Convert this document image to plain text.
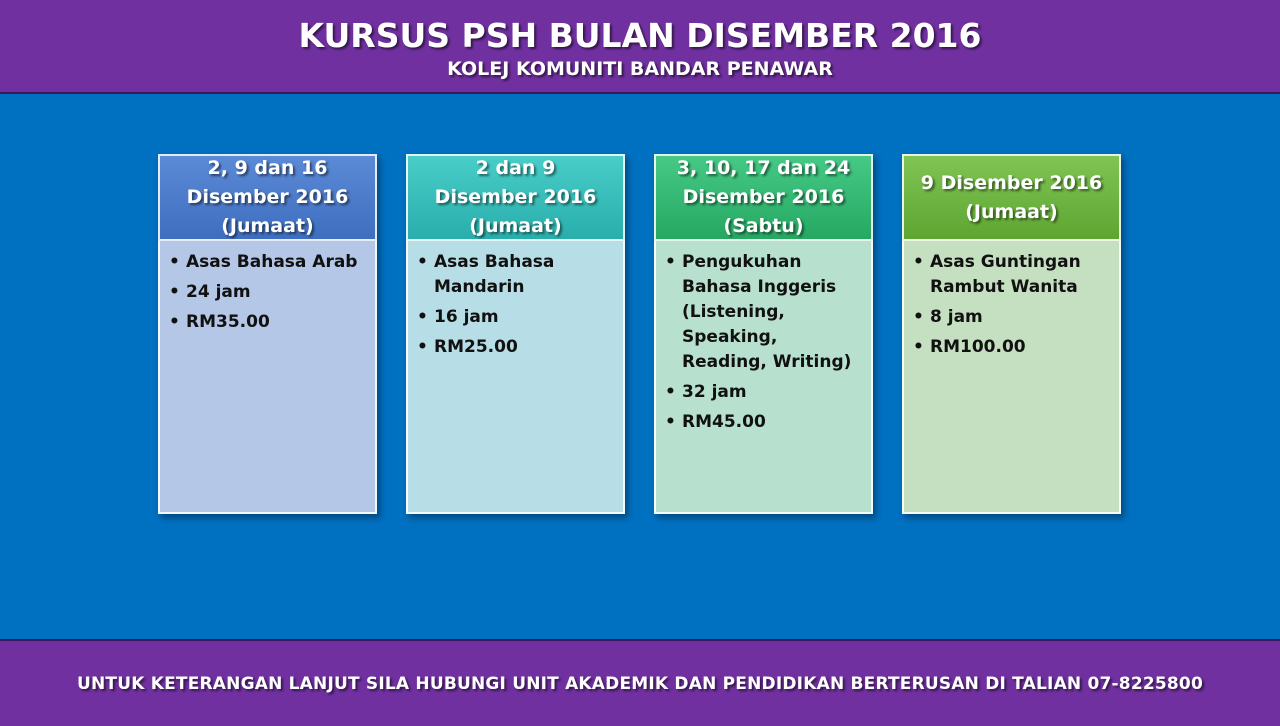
KURSUS PSH BULAN DISEMBER 2016
KOLEJ KOMUNITI BANDAR PENAWAR
2, 9 dan 16
Disember 2016
(Jumaat)
• Asas Bahasa Arab
• 24 jam
• RM35.00
2 dan 9
Disember 2016
(Jumaat)
• Asas Bahasa Mandarin
• 16 jam
• RM25.00
3, 10, 17 dan 24
Disember 2016
(Sabtu)
• Pengukuhan Bahasa Inggeris (Listening, Speaking, Reading, Writing)
• 32 jam
• RM45.00
9 Disember 2016
(Jumaat)
• Asas Guntingan Rambut Wanita
• 8 jam
• RM100.00
UNTUK KETERANGAN LANJUT SILA HUBUNGI UNIT AKADEMIK DAN PENDIDIKAN BERTERUSAN DI TALIAN 07-8225800
